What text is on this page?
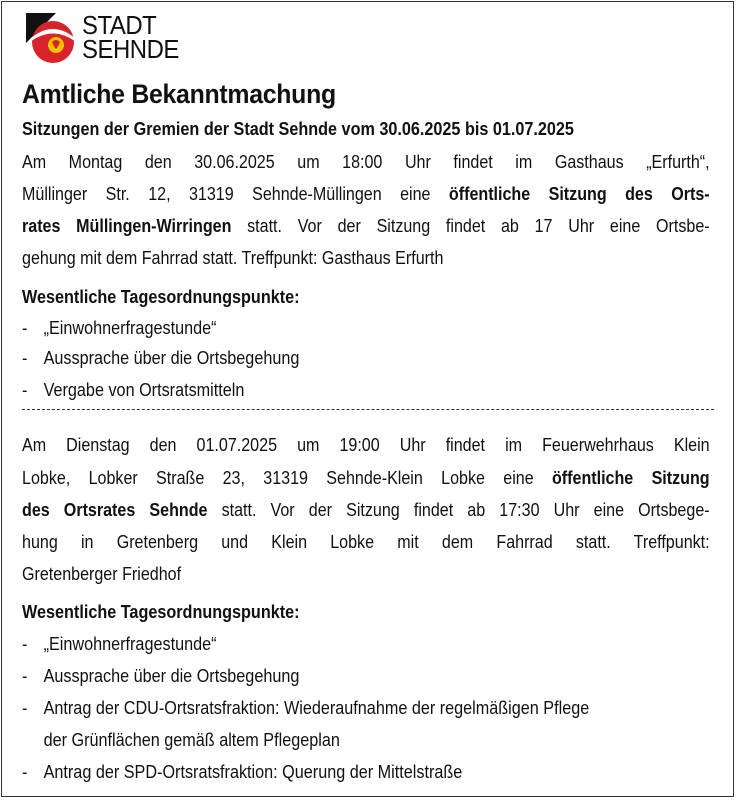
STADT
SEHNDE
Amtliche Bekanntmachung
Sitzungen der Gremien der Stadt Sehnde vom 30.06.2025 bis 01.07.2025
Am Montag den 30.06.2025 um 18:00 Uhr findet im Gasthaus „Erfurth“,
Müllinger Str. 12, 31319 Sehnde-Müllingen eine öffentliche Sitzung des Orts-
rates Müllingen-Wirringen statt. Vor der Sitzung findet ab 17 Uhr eine Ortsbe-
gehung mit dem Fahrrad statt. Treffpunkt: Gasthaus Erfurth
Wesentliche Tagesordnungspunkte:
- „Einwohnerfragestunde“
- Aussprache über die Ortsbegehung
- Vergabe von Ortsratsmitteln
Am Dienstag den 01.07.2025 um 19:00 Uhr findet im Feuerwehrhaus Klein
Lobke, Lobker Straße 23, 31319 Sehnde-Klein Lobke eine öffentliche Sitzung
des Ortsrates Sehnde statt. Vor der Sitzung findet ab 17:30 Uhr eine Ortsbege-
hung in Gretenberg und Klein Lobke mit dem Fahrrad statt. Treffpunkt:
Gretenberger Friedhof
Wesentliche Tagesordnungspunkte:
- „Einwohnerfragestunde“
- Aussprache über die Ortsbegehung
- Antrag der CDU-Ortsratsfraktion: Wiederaufnahme der regelmäßigen Pflege
der Grünflächen gemäß altem Pflegeplan
- Antrag der SPD-Ortsratsfraktion: Querung der Mittelstraße
